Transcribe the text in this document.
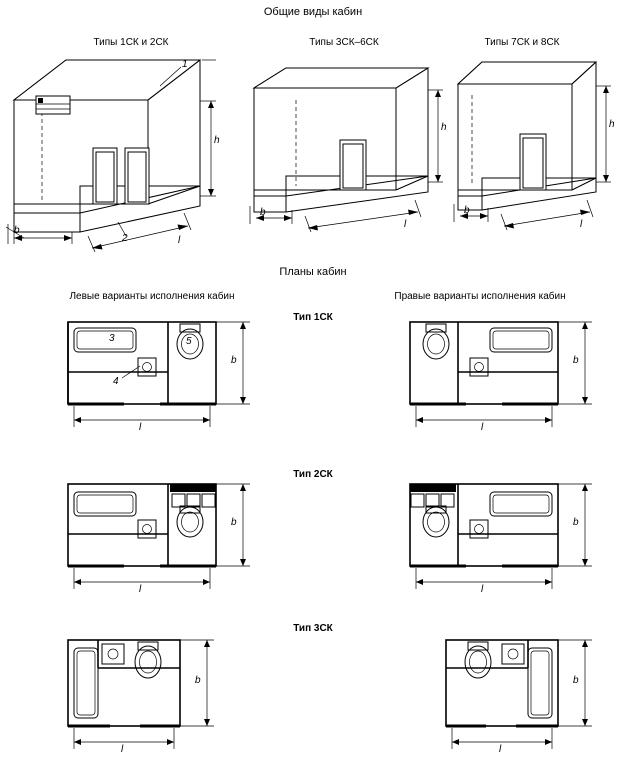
Общие виды кабин
Планы кабин
Типы 1СК и 2СК	Типы 3СК–6СК	Типы 7СК и 8СК
Левые варианты исполнения кабин	Правые варианты исполнения кабин
Тип 1СК
Тип 2СК
Тип 3СК
h
b
l
1
2
h
b
l
h
b
l
3
4
5
b
l
b
l
b
l
b
l
b
l
b
l
